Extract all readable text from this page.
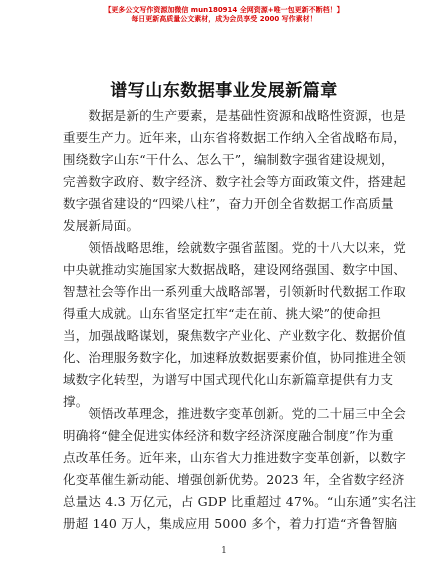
【更多公文写作资源加微信 mun180914 全网资源+唯一包更新不断档！】
每日更新高质量公文素材，成为会员享受 2000 写作素材！
谱写山东数据事业发展新篇章

　　数据是新的生产要素，是基础性资源和战略性资源，也是
重要生产力。近年来，山东省将数据工作纳入全省战略布局，
围绕数字山东“干什么、怎么干”，编制数字强省建设规划，
完善数字政府、数字经济、数字社会等方面政策文件，搭建起
数字强省建设的“四梁八柱”，奋力开创全省数据工作高质量
发展新局面。

　　领悟战略思维，绘就数字强省蓝图。党的十八大以来，党
中央就推动实施国家大数据战略，建设网络强国、数字中国、
智慧社会等作出一系列重大战略部署，引领新时代数据工作取
得重大成就。山东省坚定扛牢“走在前、挑大梁”的使命担
当，加强战略谋划，聚焦数字产业化、产业数字化、数据价值
化、治理服务数字化，加速释放数据要素价值，协同推进全领
域数字化转型，为谱写中国式现代化山东新篇章提供有力支
撑。

　　领悟改革理念，推进数字变革创新。党的二十届三中全会
明确将“健全促进实体经济和数字经济深度融合制度”作为重
点改革任务。近年来，山东省大力推进数字变革创新，以数字
化变革催生新动能、增强创新优势。2023 年，全省数字经济
总量达 4.3 万亿元，占 GDP 比重超过 47%。“山东通”实名注
册超 140 万人，集成应用 5000 多个，着力打造“齐鲁智脑

1
